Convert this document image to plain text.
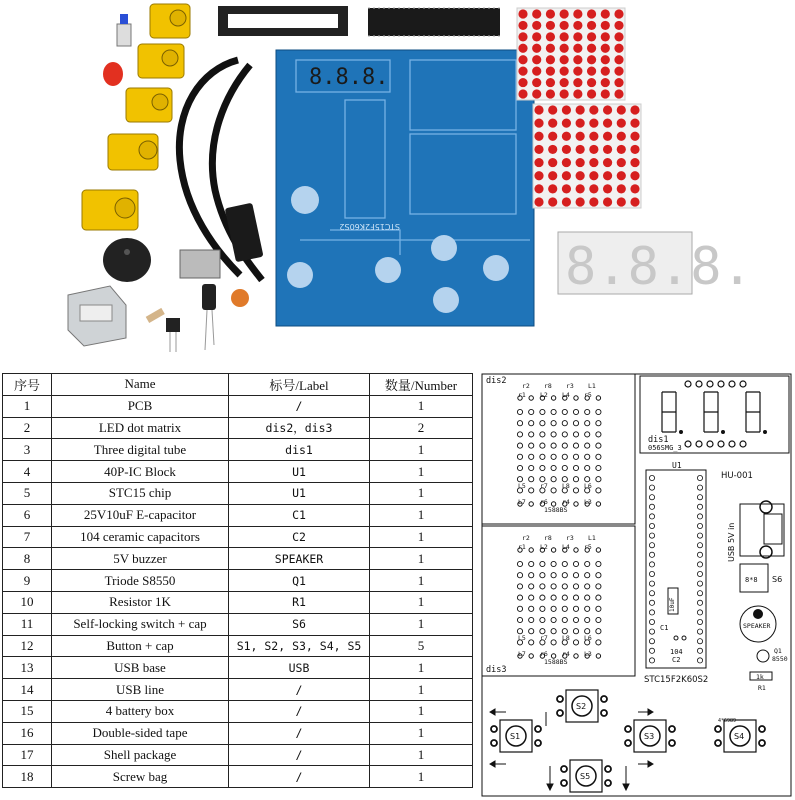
8.8.8.
STC15F2K60S2
8.8.8.
序号	Name	标号/Label	数量/Number
1	PCB	/	1
2	LED dot matrix	dis2，dis3	2
3	Three digital tube	dis1	1
4	40P-IC Block	U1	1
5	STC15 chip	U1	1
6	25V10uF E-capacitor	C1	1
7	104 ceramic capacitors	C2	1
8	5V buzzer	SPEAKER	1
9	Triode S8550	Q1	1
10	Resistor 1K	R1	1
11	Self-locking switch + cap	S6	1
12	Button + cap	S1, S2, S3, S4, S5	5
13	USB base	USB	1
14	USB line	/	1
15	4 battery box	/	1
16	Double-sided tape	/	1
17	Shell package	/	1
18	Screw bag	/	1
dis2
dis3
r2 r8 r3 L1
r1 L2 L4 r5
r2 r8 r3 L1
r1 L2 L4 r5
L5 r7 L8 L6
L7 r6 r4 L3
1588BS
L5 r7 L8 L6
L7 r6 r4 L3
1588BS
dis1
056SMG_3
HU-001
U1
STC15F2K60S2
C1
10uF
104
C2
USB 5V in
8*8 S6
SPEAKER
Q1
8550
1k
R1
S1
S2
S3	S4
S5
4*6989
